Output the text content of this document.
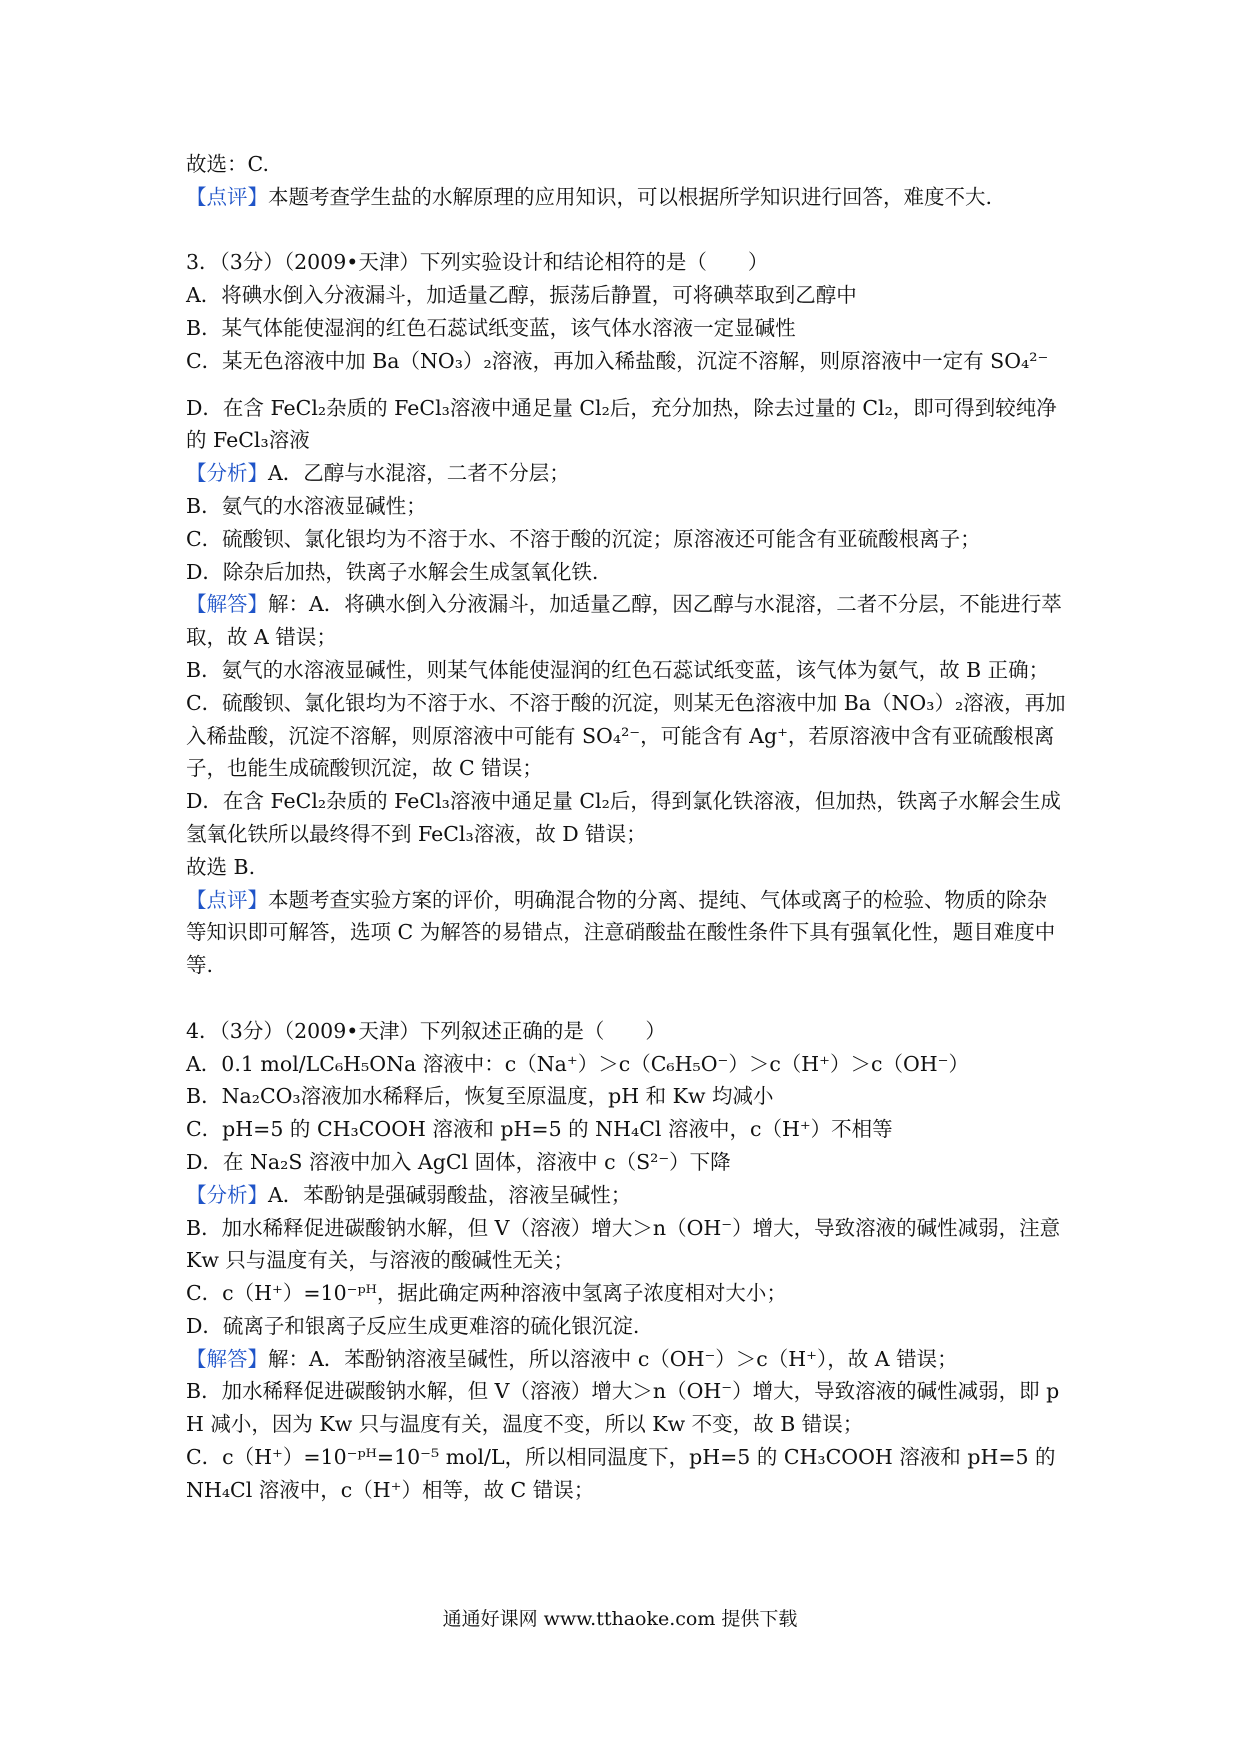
故选：C.
【点评】本题考查学生盐的水解原理的应用知识，可以根据所学知识进行回答，难度不大.
3．（3分）（2009•天津）下列实验设计和结论相符的是（　　）
A．将碘水倒入分液漏斗，加适量乙醇，振荡后静置，可将碘萃取到乙醇中
B．某气体能使湿润的红色石蕊试纸变蓝，该气体水溶液一定显碱性
C．某无色溶液中加 Ba（NO₃）₂溶液，再加入稀盐酸，沉淀不溶解，则原溶液中一定有 SO₄²⁻
D．在含 FeCl₂杂质的 FeCl₃溶液中通足量 Cl₂后，充分加热，除去过量的 Cl₂，即可得到较纯净的 FeCl₃溶液
【分析】A．乙醇与水混溶，二者不分层；
B．氨气的水溶液显碱性；
C．硫酸钡、氯化银均为不溶于水、不溶于酸的沉淀；原溶液还可能含有亚硫酸根离子；
D．除杂后加热，铁离子水解会生成氢氧化铁.
【解答】解：A．将碘水倒入分液漏斗，加适量乙醇，因乙醇与水混溶，二者不分层，不能进行萃取，故 A 错误；
B．氨气的水溶液显碱性，则某气体能使湿润的红色石蕊试纸变蓝，该气体为氨气，故 B 正确；
C．硫酸钡、氯化银均为不溶于水、不溶于酸的沉淀，则某无色溶液中加 Ba（NO₃）₂溶液，再加入稀盐酸，沉淀不溶解，则原溶液中可能有 SO₄²⁻，可能含有 Ag⁺，若原溶液中含有亚硫酸根离子，也能生成硫酸钡沉淀，故 C 错误；
D．在含 FeCl₂杂质的 FeCl₃溶液中通足量 Cl₂后，得到氯化铁溶液，但加热，铁离子水解会生成氢氧化铁所以最终得不到 FeCl₃溶液，故 D 错误；
故选 B.
【点评】本题考查实验方案的评价，明确混合物的分离、提纯、气体或离子的检验、物质的除杂等知识即可解答，选项 C 为解答的易错点，注意硝酸盐在酸性条件下具有强氧化性，题目难度中等.
4．（3分）（2009•天津）下列叙述正确的是（　　）
A．0.1 mol/LC₆H₅ONa 溶液中：c（Na⁺）＞c（C₆H₅O⁻）＞c（H⁺）＞c（OH⁻）
B．Na₂CO₃溶液加水稀释后，恢复至原温度，pH 和 Kw 均减小
C．pH=5 的 CH₃COOH 溶液和 pH=5 的 NH₄Cl 溶液中，c（H⁺）不相等
D．在 Na₂S 溶液中加入 AgCl 固体，溶液中 c（S²⁻）下降
【分析】A．苯酚钠是强碱弱酸盐，溶液呈碱性；
B．加水稀释促进碳酸钠水解，但 V（溶液）增大＞n（OH⁻）增大，导致溶液的碱性减弱，注意 Kw 只与温度有关，与溶液的酸碱性无关；
C．c（H⁺）=10⁻ᵖᴴ，据此确定两种溶液中氢离子浓度相对大小；
D．硫离子和银离子反应生成更难溶的硫化银沉淀.
【解答】解：A．苯酚钠溶液呈碱性，所以溶液中 c（OH⁻）＞c（H⁺），故 A 错误；
B．加水稀释促进碳酸钠水解，但 V（溶液）增大＞n（OH⁻）增大，导致溶液的碱性减弱，即 pH 减小，因为 Kw 只与温度有关，温度不变，所以 Kw 不变，故 B 错误；
C．c（H⁺）=10⁻ᵖᴴ=10⁻⁵ mol/L，所以相同温度下，pH=5 的 CH₃COOH 溶液和 pH=5 的 NH₄Cl 溶液中，c（H⁺）相等，故 C 错误；
通通好课网 www.tthaoke.com 提供下载
